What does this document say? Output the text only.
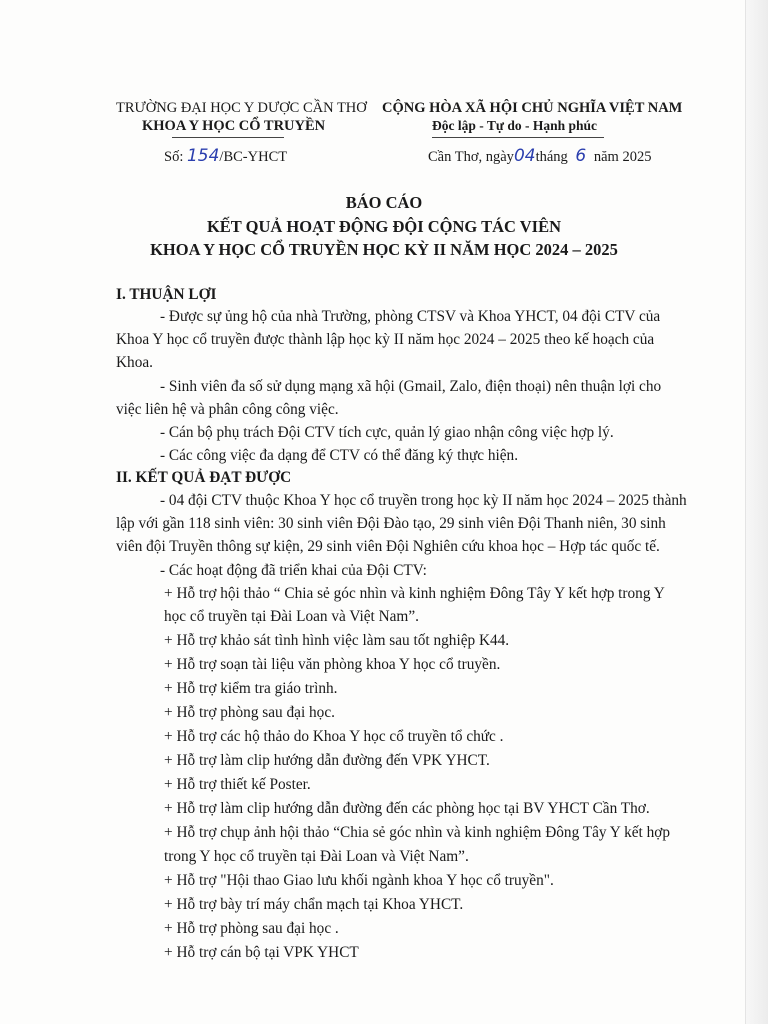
TRƯỜNG ĐẠI HỌC Y DƯỢC CẦN THƠ
KHOA Y HỌC CỔ TRUYỀN
CỘNG HÒA XÃ HỘI CHỦ NGHĨA VIỆT NAM
Độc lập - Tự do - Hạnh phúc
Số: 154/BC-YHCT	Cần Thơ, ngày04tháng 6 năm 2025
BÁO CÁO
KẾT QUẢ HOẠT ĐỘNG ĐỘI CỘNG TÁC VIÊN
KHOA Y HỌC CỔ TRUYỀN HỌC KỲ II NĂM HỌC 2024 – 2025
I. THUẬN LỢI
- Được sự ủng hộ của nhà Trường, phòng CTSV và Khoa YHCT, 04 đội CTV của
Khoa Y học cổ truyền được thành lập học kỳ II năm học 2024 – 2025 theo kế hoạch của
Khoa.
- Sinh viên đa số sử dụng mạng xã hội (Gmail, Zalo, điện thoại) nên thuận lợi cho
việc liên hệ và phân công công việc.
- Cán bộ phụ trách Đội CTV tích cực, quản lý giao nhận công việc hợp lý.
- Các công việc đa dạng để CTV có thể đăng ký thực hiện.
II. KẾT QUẢ ĐẠT ĐƯỢC
- 04 đội CTV thuộc Khoa Y học cổ truyền trong học kỳ II năm học 2024 – 2025 thành
lập với gần 118 sinh viên: 30 sinh viên Đội Đào tạo, 29 sinh viên Đội Thanh niên, 30 sinh
viên đội Truyền thông sự kiện, 29 sinh viên Đội Nghiên cứu khoa học – Hợp tác quốc tế.
- Các hoạt động đã triển khai của Đội CTV:
+ Hỗ trợ hội thảo “ Chia sẻ góc nhìn và kinh nghiệm Đông Tây Y kết hợp trong Y
học cổ truyền tại Đài Loan và Việt Nam”.
+ Hỗ trợ khảo sát tình hình việc làm sau tốt nghiệp K44.
+ Hỗ trợ soạn tài liệu văn phòng khoa Y học cổ truyền.
+ Hỗ trợ kiểm tra giáo trình.
+ Hỗ trợ phòng sau đại học.
+ Hỗ trợ các hộ thảo do Khoa Y học cổ truyền tổ chức .
+ Hỗ trợ làm clip hướng dẫn đường đến VPK YHCT.
+ Hỗ trợ thiết kế Poster.
+ Hỗ trợ làm clip hướng dẫn đường đến các phòng học tại BV YHCT Cần Thơ.
+ Hỗ trợ chụp ảnh hội thảo “Chia sẻ góc nhìn và kinh nghiệm Đông Tây Y kết hợp
trong Y học cổ truyền tại Đài Loan và Việt Nam”.
+ Hỗ trợ "Hội thao Giao lưu khối ngành khoa Y học cổ truyền".
+ Hỗ trợ bày trí máy chẩn mạch tại Khoa YHCT.
+ Hỗ trợ phòng sau đại học .
+ Hỗ trợ cán bộ tại VPK YHCT
